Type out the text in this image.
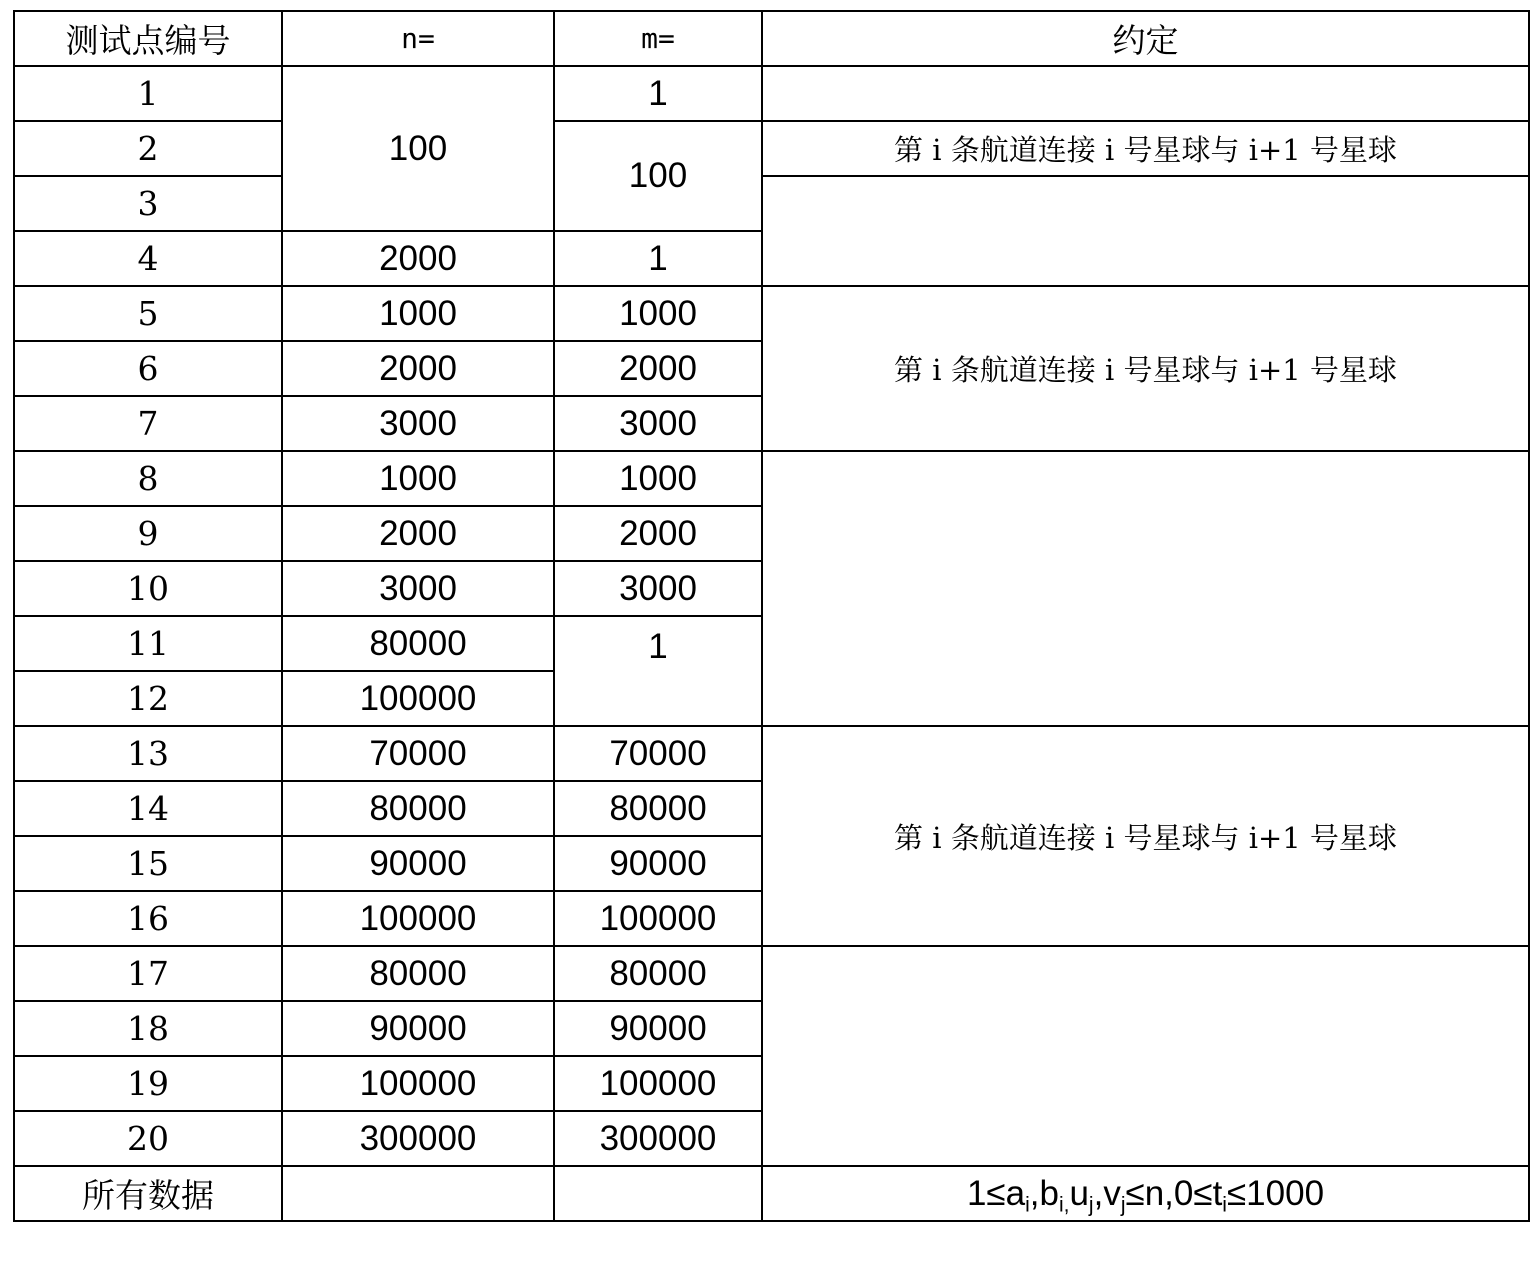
测试点编号	n=	m=	约定
1	100	1	
2		100	第 i 条航道连接 i 号星球与 i+1 号星球
3			
4	2000	1	
5	1000	1000	第 i 条航道连接 i 号星球与 i+1 号星球
6	2000	2000	
7	3000	3000	
8	1000	1000	
9	2000	2000	
10	3000	3000	
11	80000	1	
12	100000		
13	70000	70000	第 i 条航道连接 i 号星球与 i+1 号星球
14	80000	80000	
15	90000	90000	
16	100000	100000	
17	80000	80000	
18	90000	90000	
19	100000	100000	
20	300000	300000	
所有数据			$1\le a_i,b_{i,}u_j,v_j\le n,0\le t_i\le 1000$
